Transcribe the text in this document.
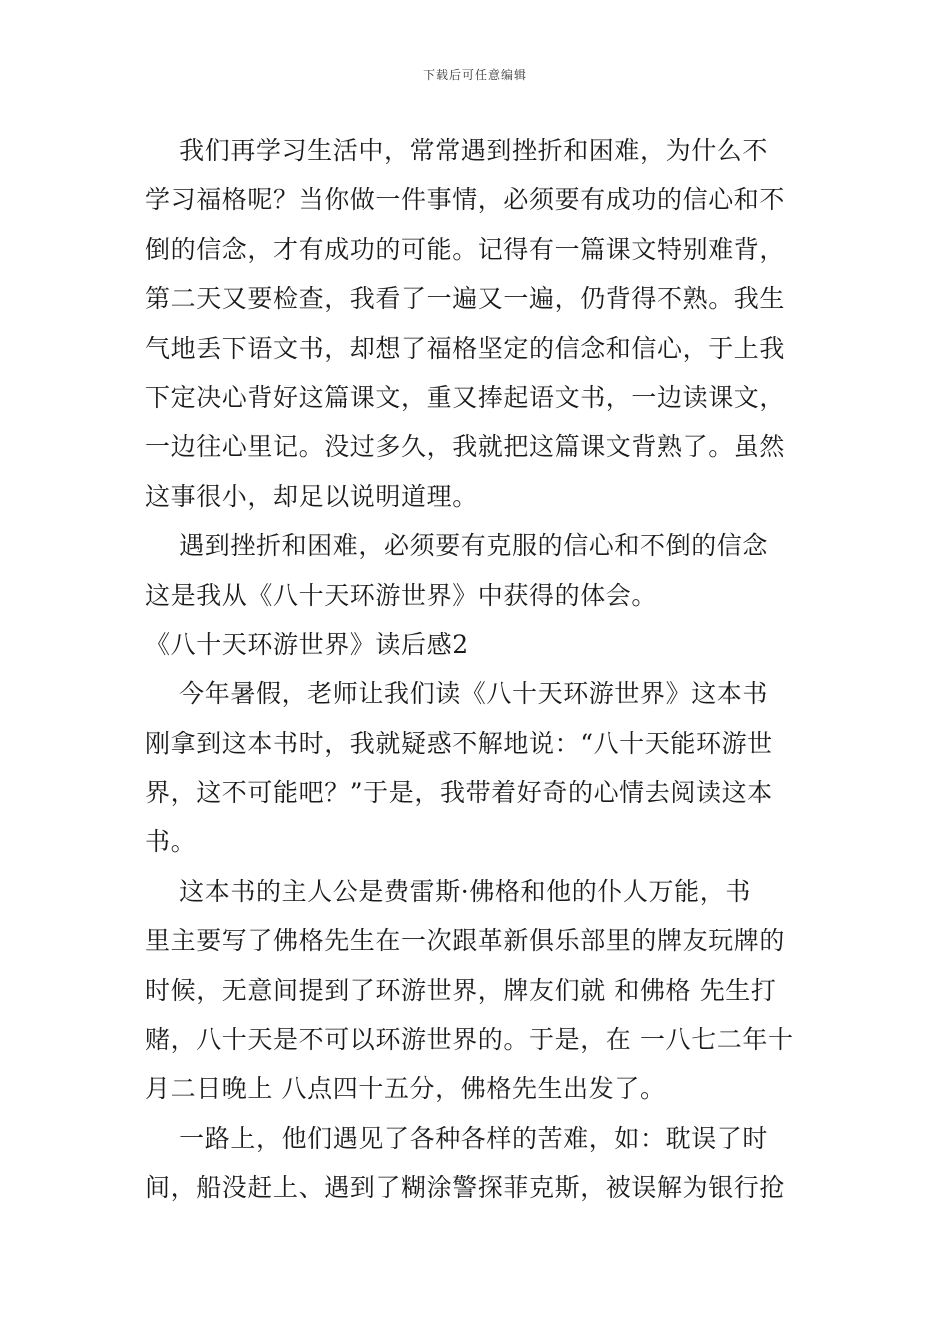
下载后可任意编辑
我们再学习生活中，常常遇到挫折和困难，为什么不
学习福格呢？当你做一件事情，必须要有成功的信心和不
倒的信念，才有成功的可能。记得有一篇课文特别难背，
第二天又要检查，我看了一遍又一遍，仍背得不熟。我生
气地丢下语文书，却想了福格坚定的信念和信心，于上我
下定决心背好这篇课文，重又捧起语文书，一边读课文，
一边往心里记。没过多久，我就把这篇课文背熟了。虽然
这事很小，却足以说明道理。
遇到挫折和困难，必须要有克服的信心和不倒的信念
这是我从《八十天环游世界》中获得的体会。
《八十天环游世界》读后感2
今年暑假，老师让我们读《八十天环游世界》这本书
刚拿到这本书时，我就疑惑不解地说：“八十天能环游世
界，这不可能吧？”于是，我带着好奇的心情去阅读这本
书。
这本书的主人公是费雷斯·佛格和他的仆人万能，书
里主要写了佛格先生在一次跟革新俱乐部里的牌友玩牌的
时候，无意间提到了环游世界，牌友们就 和佛格 先生打
赌，八十天是不可以环游世界的。于是，在 一八七二年十
月二日晚上 八点四十五分，佛格先生出发了。
一路上，他们遇见了各种各样的苦难，如：耽误了时
间，船没赶上、遇到了糊涂警探菲克斯，被误解为银行抢
